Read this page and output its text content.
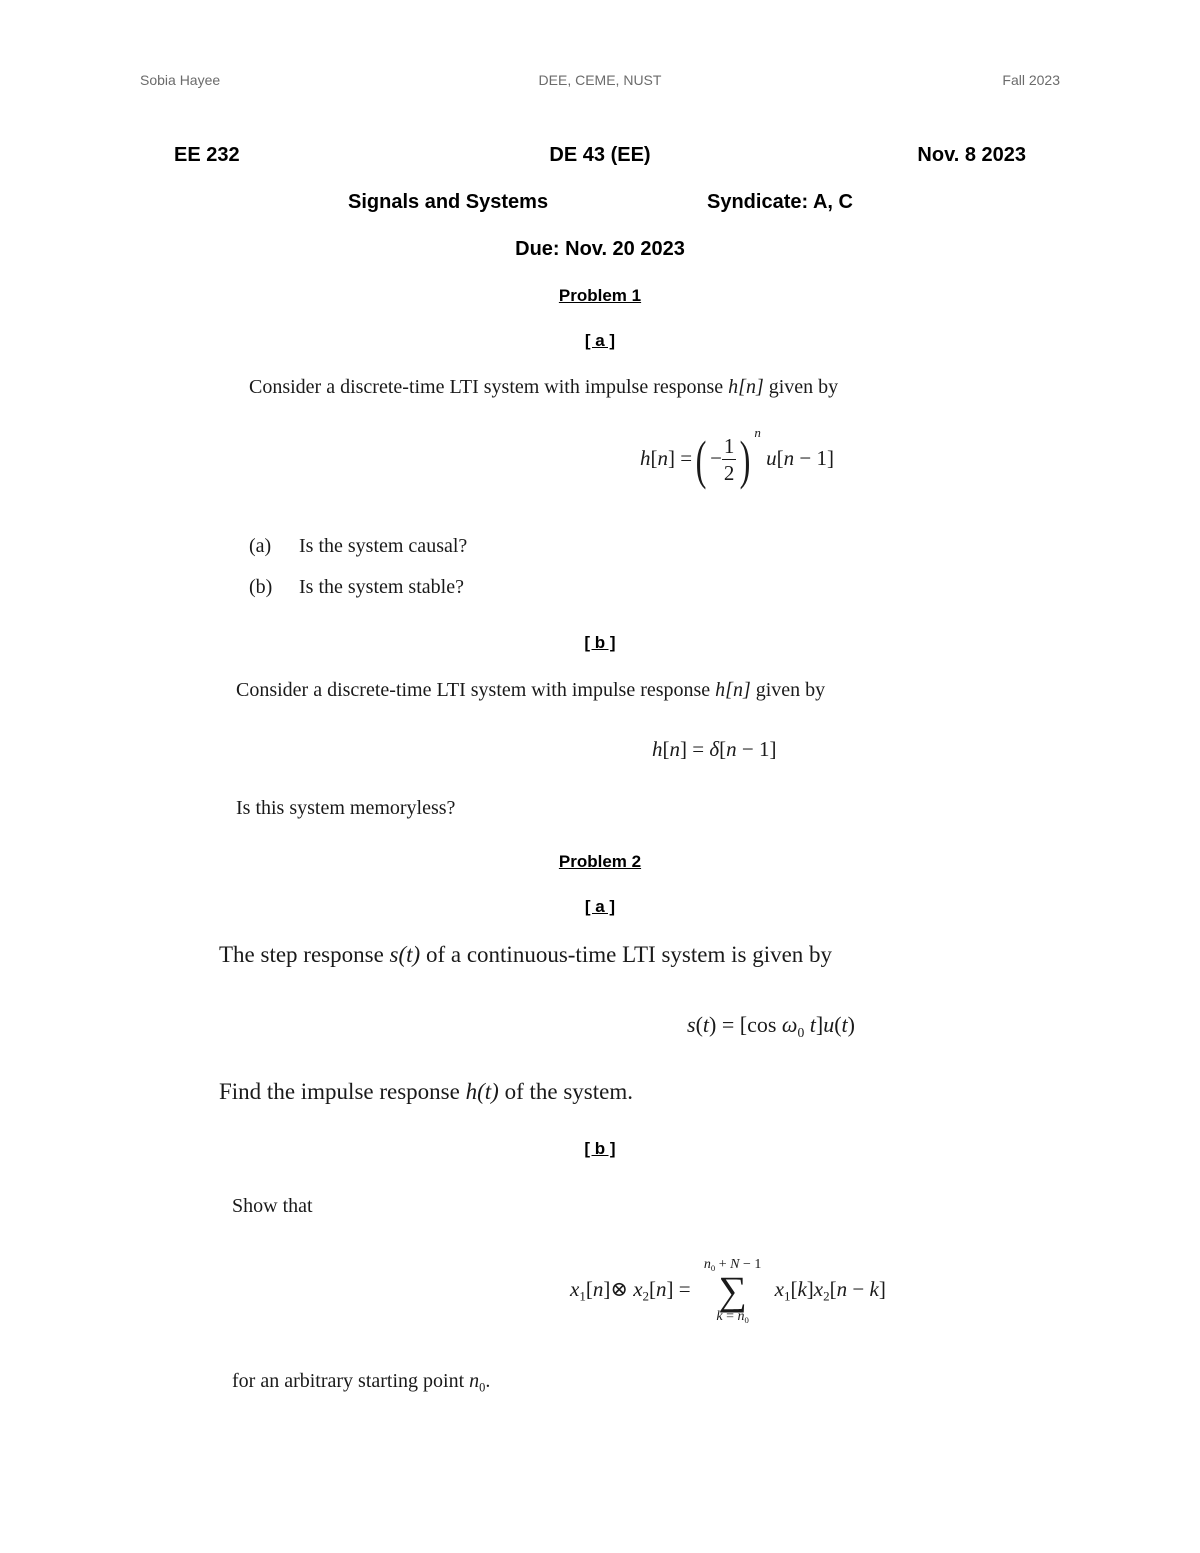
Sobia Hayee	DEE, CEME, NUST	Fall 2023
EE 232	DE 43 (EE)	Nov. 8 2023
Signals and Systems	Syndicate: A, C
Due: Nov. 20 2023
Problem 1
[ a ]
Consider a discrete-time LTI system with impulse response h[n] given by
h[n] =( − $\frac{1}{2}$ ) $^n$ u[n − 1]
(a) Is the system causal?
(b) Is the system stable?
[ b ]
Consider a discrete-time LTI system with impulse response h[n] given by
h[n] = δ[n − 1]
Is this system memoryless?
Problem 2
[ a ]
The step response s(t) of a continuous-time LTI system is given by
s(t) = [cos $\omega_0$ t]u(t)
Find the impulse response h(t) of the system.
[ b ]
Show that
$x_1[n]\otimes$ $x_2[n]$ =
$n_0 + N - 1$
∑
$k = n_0$
$x_1[k]x_2[n - k]$
for an arbitrary starting point $n_0$.
